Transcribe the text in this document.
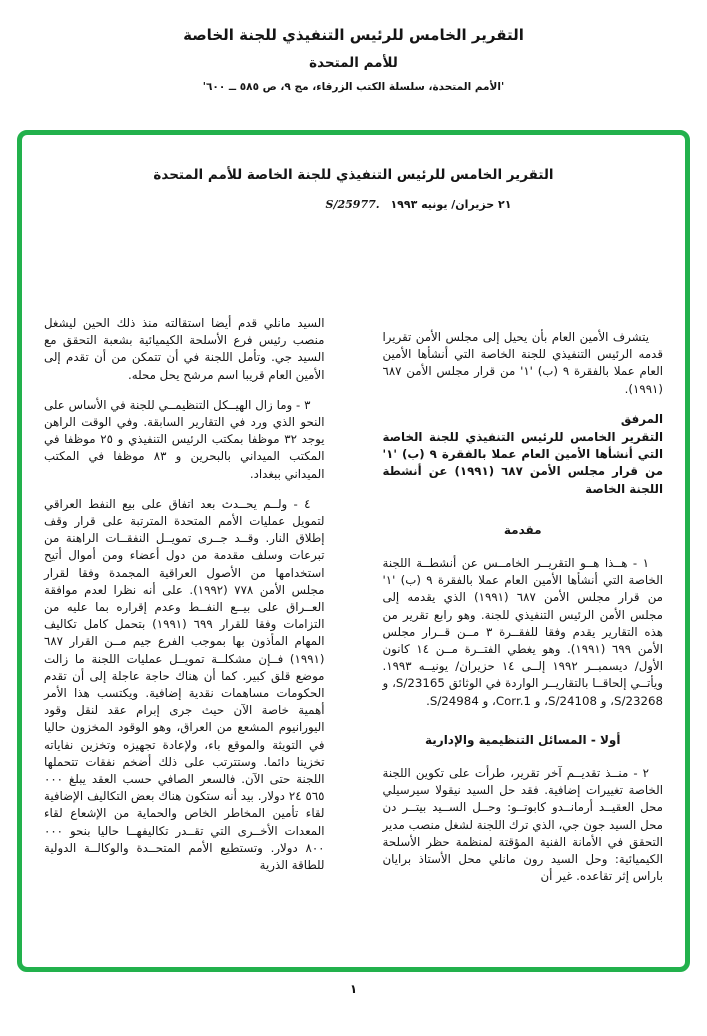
التقرير الخامس للرئيس التنفيذي للجنة الخاصة
للأمم المتحدة
'الأمم المتحدة، سلسلة الكتب الزرقاء، مج ٩، ص ٥٨٥ ــ ٦٠٠'
التقرير الخامس للرئيس التنفيذي للجنة الخاصة للأمم المتحدة
S/25977. ٢١ حزيران/ يونيه ١٩٩٣

يتشرف الأمين العام بأن يحيل إلى مجلس الأمن تقريرا قدمه الرئيس التنفيذي للجنة الخاصة التي أنشأها الأمين العام عملا بالفقرة ٩ (ب) '١' من قرار مجلس الأمن ٦٨٧ (١٩٩١).

المرفق

التقرير الخامس للرئيس التنفيذي للجنة الخاصة التي أنشأها الأمين العام عملا بالفقرة ٩ (ب) '١' من قرار مجلس الأمن ٦٨٧ (١٩٩١) عن أنشطة اللجنة الخاصة

مقدمة

١ - هــذا هــو التقريــر الخامــس عن أنشطــة اللجنة الخاصة التي أنشأها الأمين العام عملا بالفقرة ٩ (ب) '١' من قرار مجلس الأمن ٦٨٧ (١٩٩١) الذي يقدمه إلى مجلس الأمن الرئيس التنفيذي للجنة. وهو رابع تقرير من هذه التقارير يقدم وفقا للفقــرة ٣ مــن قــرار مجلس الأمن ٦٩٩ (١٩٩١). وهو يغطي الفتــرة مــن ١٤ كانون الأول/ ديسمبــر ١٩٩٢ إلــى ١٤ حزيران/ يونيــه ١٩٩٣. ويأتــي إلحاقــا بالتقاريــر الواردة في الوثائق S/23165، و S/23268، و S/24108، و Corr.1، و S/24984.

أولا - المسائل التنظيمية والإدارية

٢ - منــذ تقديــم آخر تقرير، طرأت على تكوين اللجنة الخاصة تغييرات إضافية. فقد حل السيد نيقولا سيرسيلي محل العقيــد أرمانــدو كابوتــو: وحــل الســيد بيتــر دن محل السيد جون جي، الذي ترك اللجنة لشغل منصب مدير التحقق في الأمانة الفنية المؤقتة لمنظمة حظر الأسلحة الكيميائية: وحل السيد رون مانلي محل الأستاذ برايان باراس إثر تقاعده. غير أن

السيد مانلي قدم أيضا استقالته منذ ذلك الحين ليشغل منصب رئيس فرع الأسلحة الكيميائية بشعبة التحقق مع السيد جي. وتأمل اللجنة في أن تتمكن من أن تقدم إلى الأمين العام قريبا اسم مرشح يحل محله.

٣ - وما زال الهيــكل التنظيمــي للجنة في الأساس على النحو الذي ورد في التقارير السابقة. وفي الوقت الراهن يوجد ٣٢ موظفا بمكتب الرئيس التنفيذي و ٢٥ موظفا في المكتب الميداني بالبحرين و ٨٣ موظفا في المكتب الميداني ببغداد.

٤ - ولــم يحــدث بعد اتفاق على بيع النفط العراقي لتمويل عمليات الأمم المتحدة المترتبة على قرار وقف إطلاق النار. وقــد جــرى تمويــل النفقــات الراهنة من تبرعات وسلف مقدمة من دول أعضاء ومن أموال أتيح استخدامها من الأصول العراقية المجمدة وفقا لقرار مجلس الأمن ٧٧٨ (١٩٩٢). على أنه نظرا لعدم موافقة العــراق على بيــع النفــط وعدم إقراره بما عليه من التزامات وفقا للقرار ٦٩٩ (١٩٩١) بتحمل كامل تكاليف المهام المأذون بها بموجب الفرع جيم مــن القرار ٦٨٧ (١٩٩١) فــإن مشكلــة تمويــل عمليات اللجنة ما زالت موضع قلق كبير. كما أن هناك حاجة عاجلة إلى أن تقدم الحكومات مساهمات نقدية إضافية. ويكتسب هذا الأمر أهمية خاصة الآن حيث جرى إبرام عقد لنقل وقود اليورانيوم المشعع من العراق، وهو الوقود المخزون حاليا في التويثة والموقع باء، ولإعادة تجهيزه وتخزين نفاياته تخزينا دائما. وستترتب على ذلك أضخم نفقات تتحملها اللجنة حتى الآن. فالسعر الصافي حسب العقد يبلغ ٠٠٠ ٥٦٥ ٢٤ دولار. بيد أنه ستكون هناك بعض التكاليف الإضافية لقاء تأمين المخاطر الخاص والحماية من الإشعاع لقاء المعدات الأخــرى التي تقــدر تكاليفهــا حاليا بنحو ٠٠٠ ٨٠٠ دولار. وتستطيع الأمم المتحــدة والوكالــة الدولية للطاقة الذرية

١
